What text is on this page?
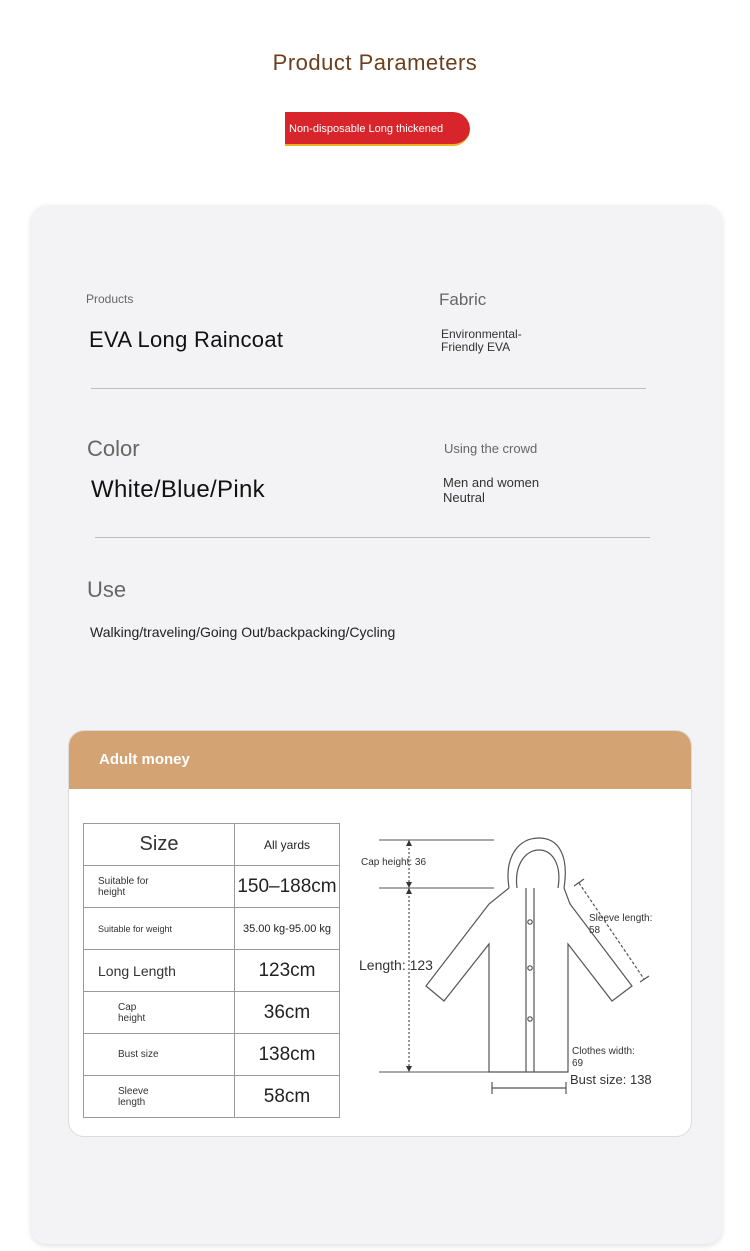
Product Parameters
Non-disposable Long thickened
Products
EVA Long Raincoat
Fabric
Environmental-
Friendly EVA
Color
White/Blue/Pink
Using the crowd
Men and women
Neutral
Use
Walking/traveling/Going Out/backpacking/Cycling
Adult money
Size	All yards

Suitable for
height	150–188cm
Suitable for weight	35.00 kg-95.00 kg
Long Length	123cm

Cap
height	36cm
Bust size	138cm

Sleeve
length	58cm
Cap height: 36
Length: 123
Sleeve length:
58
Clothes width:
69
Bust size: 138
